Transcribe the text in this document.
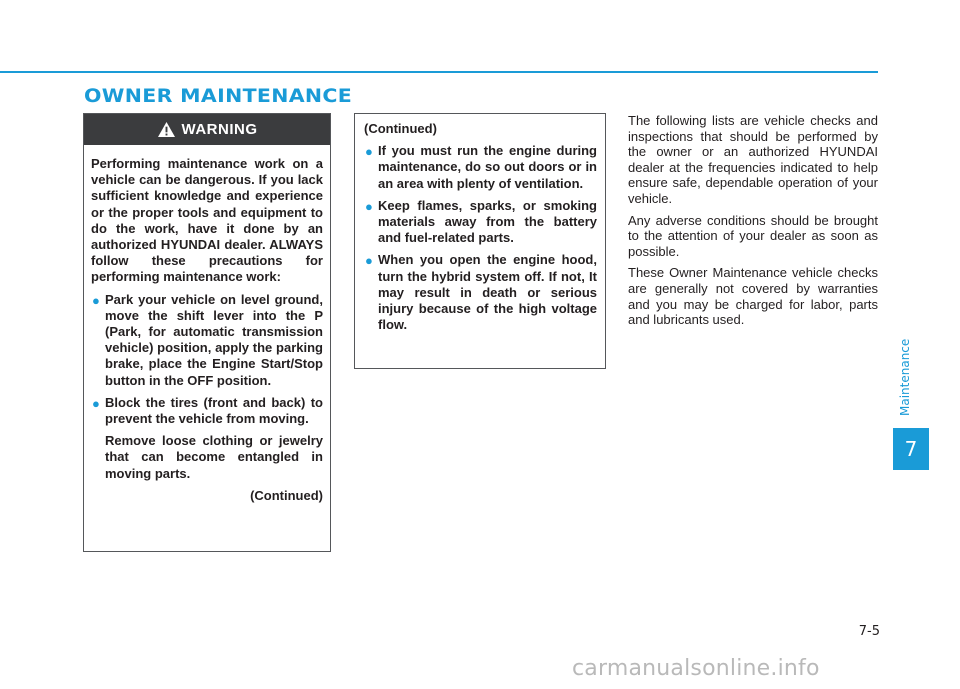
OWNER MAINTENANCE
WARNING

Performing maintenance work on a vehicle can be dangerous. If you lack sufficient knowledge and experience or the proper tools and equipment to do the work, have it done by an authorized HYUNDAI dealer. ALWAYS follow these precautions for performing maintenance work:

● Park your vehicle on level ground, move the shift lever into the P (Park, for automatic transmission vehicle) position, apply the parking brake, place the Engine Start/Stop button in the OFF position.
● Block the tires (front and back) to prevent the vehicle from moving.

Remove loose clothing or jewelry that can become entangled in moving parts.

(Continued)

(Continued)

● If you must run the engine during maintenance, do so out doors or in an area with plenty of ventilation.
● Keep flames, sparks, or smoking materials away from the battery and fuel-related parts.
● When you open the engine hood, turn the hybrid system off. If not, It may result in death or serious injury because of the high voltage flow.

The following lists are vehicle checks and inspections that should be performed by the owner or an authorized HYUNDAI dealer at the frequencies indicated to help ensure safe, dependable operation of your vehicle.

Any adverse conditions should be brought to the attention of your dealer as soon as possible.

These Owner Maintenance vehicle checks are generally not covered by warranties and you may be charged for labor, parts and lubricants used.

Maintenance
7
7-5
carmanualsonline.info
